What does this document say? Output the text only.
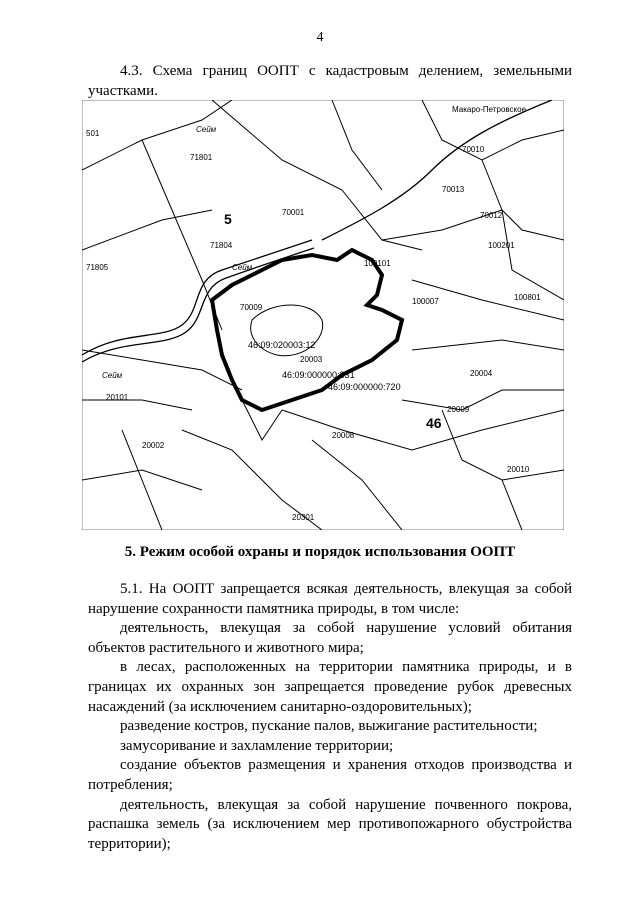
4
4.3. Схема границ ООПТ с кадастровым делением, земельными
участками.
71801
70001
5
71804
70010
70013
70012
100201
100101
100007
70009
100801
20003
20004
20009
46
20002
20008
20010
501
71805
20101
20301
46:09:020003:12
46:09:000000:331
46:09:000000:720
Сейм
Сейм
Сейм
Макаро-Петровское
5. Режим особой охраны и порядок использования ООПТ

5.1. На ООПТ запрещается всякая деятельность, влекущая за собой нарушение сохранности памятника природы, в том числе:

деятельность, влекущая за собой нарушение условий обитания объектов растительного и животного мира;

в лесах, расположенных на территории памятника природы, и в границах их охранных зон запрещается проведение рубок древесных насаждений (за исключением санитарно-оздоровительных);

разведение костров, пускание палов, выжигание растительности;

замусоривание и захламление территории;

создание объектов размещения и хранения отходов производства и потребления;

деятельность, влекущая за собой нарушение почвенного покрова, распашка земель (за исключением мер противопожарного обустройства территории);
